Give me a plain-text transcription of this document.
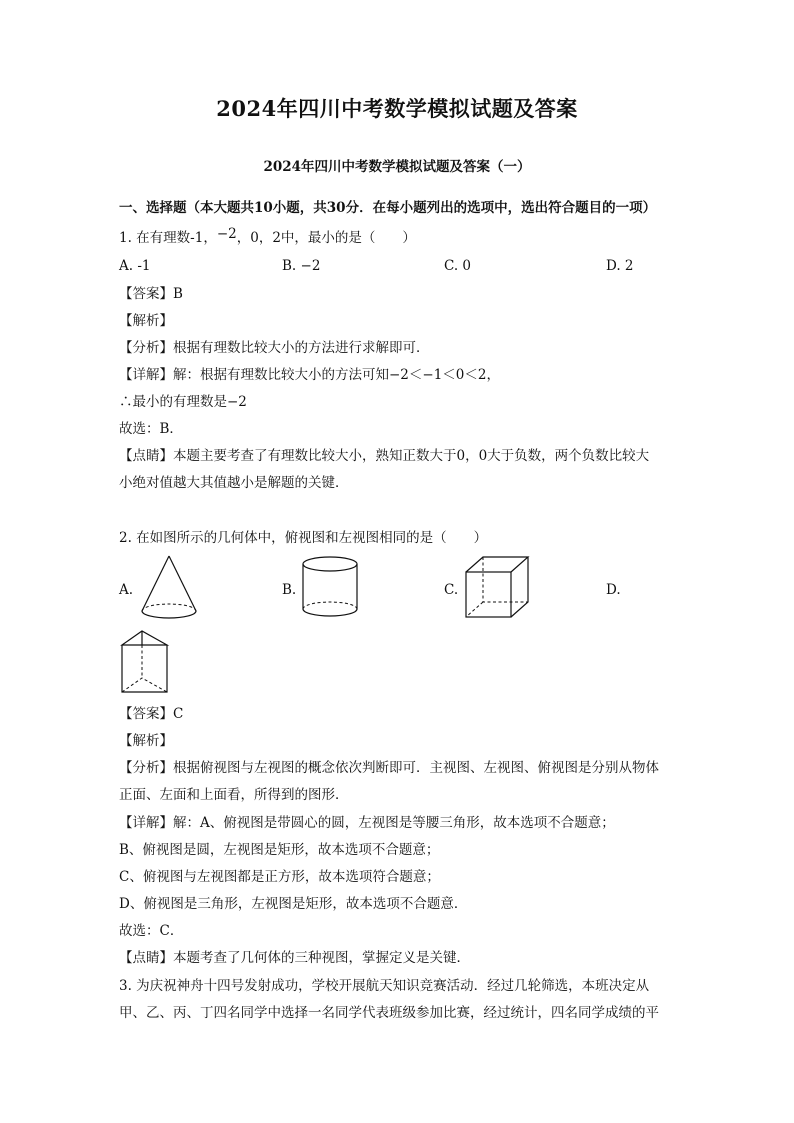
2024年四川中考数学模拟试题及答案
2024年四川中考数学模拟试题及答案（一）
一、选择题（本大题共10小题，共30分．在每小题列出的选项中，选出符合题目的一项）
1. 在有理数-1，−2，0，2中，最小的是（　　）
A. -1	B. −2	C. 0	D. 2
【答案】B
【解析】
【分析】根据有理数比较大小的方法进行求解即可．
【详解】解：根据有理数比较大小的方法可知−2＜−1＜0＜2，
∴最小的有理数是−2
故选：B．
【点睛】本题主要考查了有理数比较大小，熟知正数大于0，0大于负数，两个负数比较大
小绝对值越大其值越小是解题的关键．
2. 在如图所示的几何体中，俯视图和左视图相同的是（　　）
A.	B.	C.	D.
【答案】C
【解析】
【分析】根据俯视图与左视图的概念依次判断即可．主视图、左视图、俯视图是分别从物体
正面、左面和上面看，所得到的图形．
【详解】解：A、俯视图是带圆心的圆，左视图是等腰三角形，故本选项不合题意；
B、俯视图是圆，左视图是矩形，故本选项不合题意；
C、俯视图与左视图都是正方形，故本选项符合题意；
D、俯视图是三角形，左视图是矩形，故本选项不合题意．
故选：C．
【点睛】本题考查了几何体的三种视图，掌握定义是关键．
3. 为庆祝神舟十四号发射成功，学校开展航天知识竞赛活动．经过几轮筛选，本班决定从
甲、乙、丙、丁四名同学中选择一名同学代表班级参加比赛，经过统计，四名同学成绩的平
